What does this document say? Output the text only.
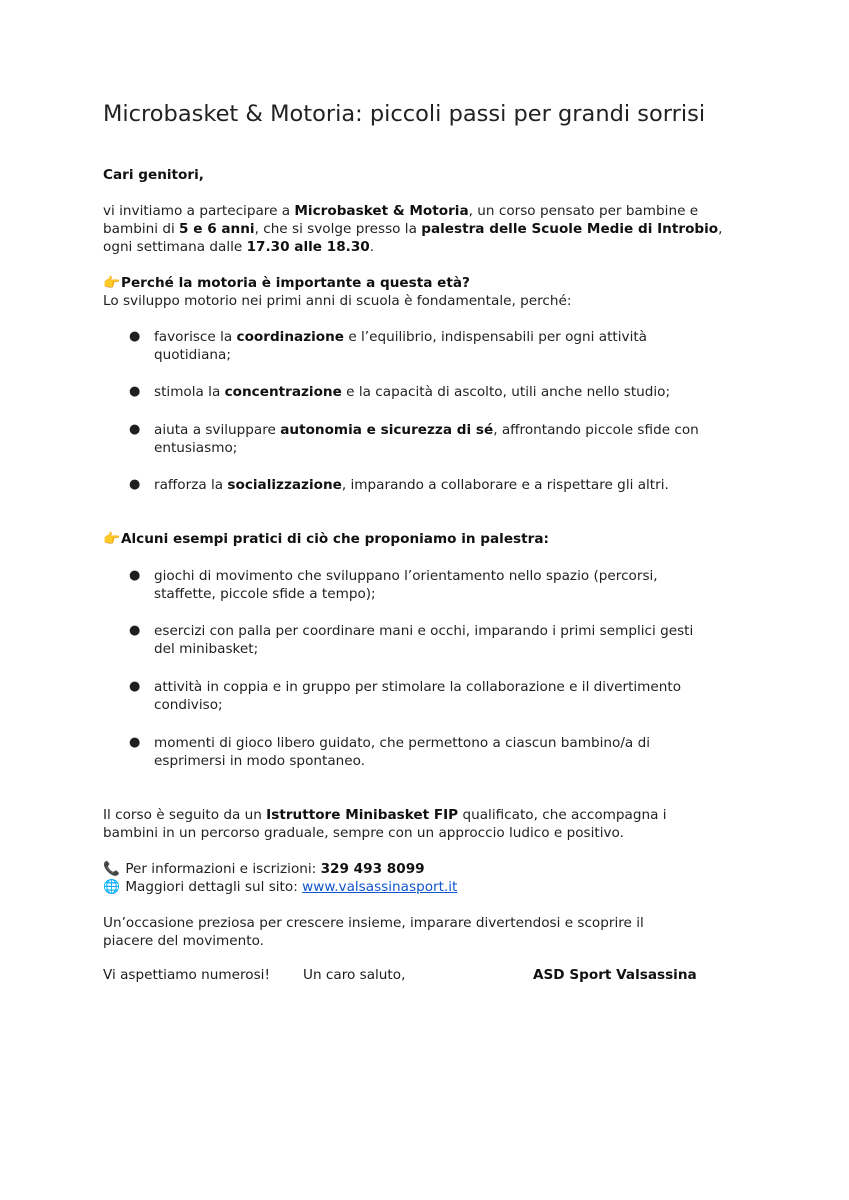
Microbasket & Motoria: piccoli passi per grandi sorrisi

Cari genitori,

vi invitiamo a partecipare a Microbasket & Motoria, un corso pensato per bambine e

bambini di 5 e 6 anni, che si svolge presso la palestra delle Scuole Medie di Introbio,

ogni settimana dalle 17.30 alle 18.30.

👉Perché la motoria è importante a questa età?

Lo sviluppo motorio nei primi anni di scuola è fondamentale, perché:

● favorisce la coordinazione e l’equilibrio, indispensabili per ogni attività

quotidiana;

● stimola la concentrazione e la capacità di ascolto, utili anche nello studio;

● aiuta a sviluppare autonomia e sicurezza di sé, affrontando piccole sfide con

entusiasmo;

● rafforza la socializzazione, imparando a collaborare e a rispettare gli altri.

👉Alcuni esempi pratici di ciò che proponiamo in palestra:

● giochi di movimento che sviluppano l’orientamento nello spazio (percorsi,

staffette, piccole sfide a tempo);

● esercizi con palla per coordinare mani e occhi, imparando i primi semplici gesti

del minibasket;

● attività in coppia e in gruppo per stimolare la collaborazione e il divertimento

condiviso;

● momenti di gioco libero guidato, che permettono a ciascun bambino/a di

esprimersi in modo spontaneo.

Il corso è seguito da un Istruttore Minibasket FIP qualificato, che accompagna i

bambini in un percorso graduale, sempre con un approccio ludico e positivo.

📞 Per informazioni e iscrizioni: 329 493 8099

🌐 Maggiori dettagli sul sito: www.valsassinasport.it

Un’occasione preziosa per crescere insieme, imparare divertendosi e scoprire il

piacere del movimento.

Vi aspettiamo numerosi! Un caro saluto,	ASD Sport Valsassina
